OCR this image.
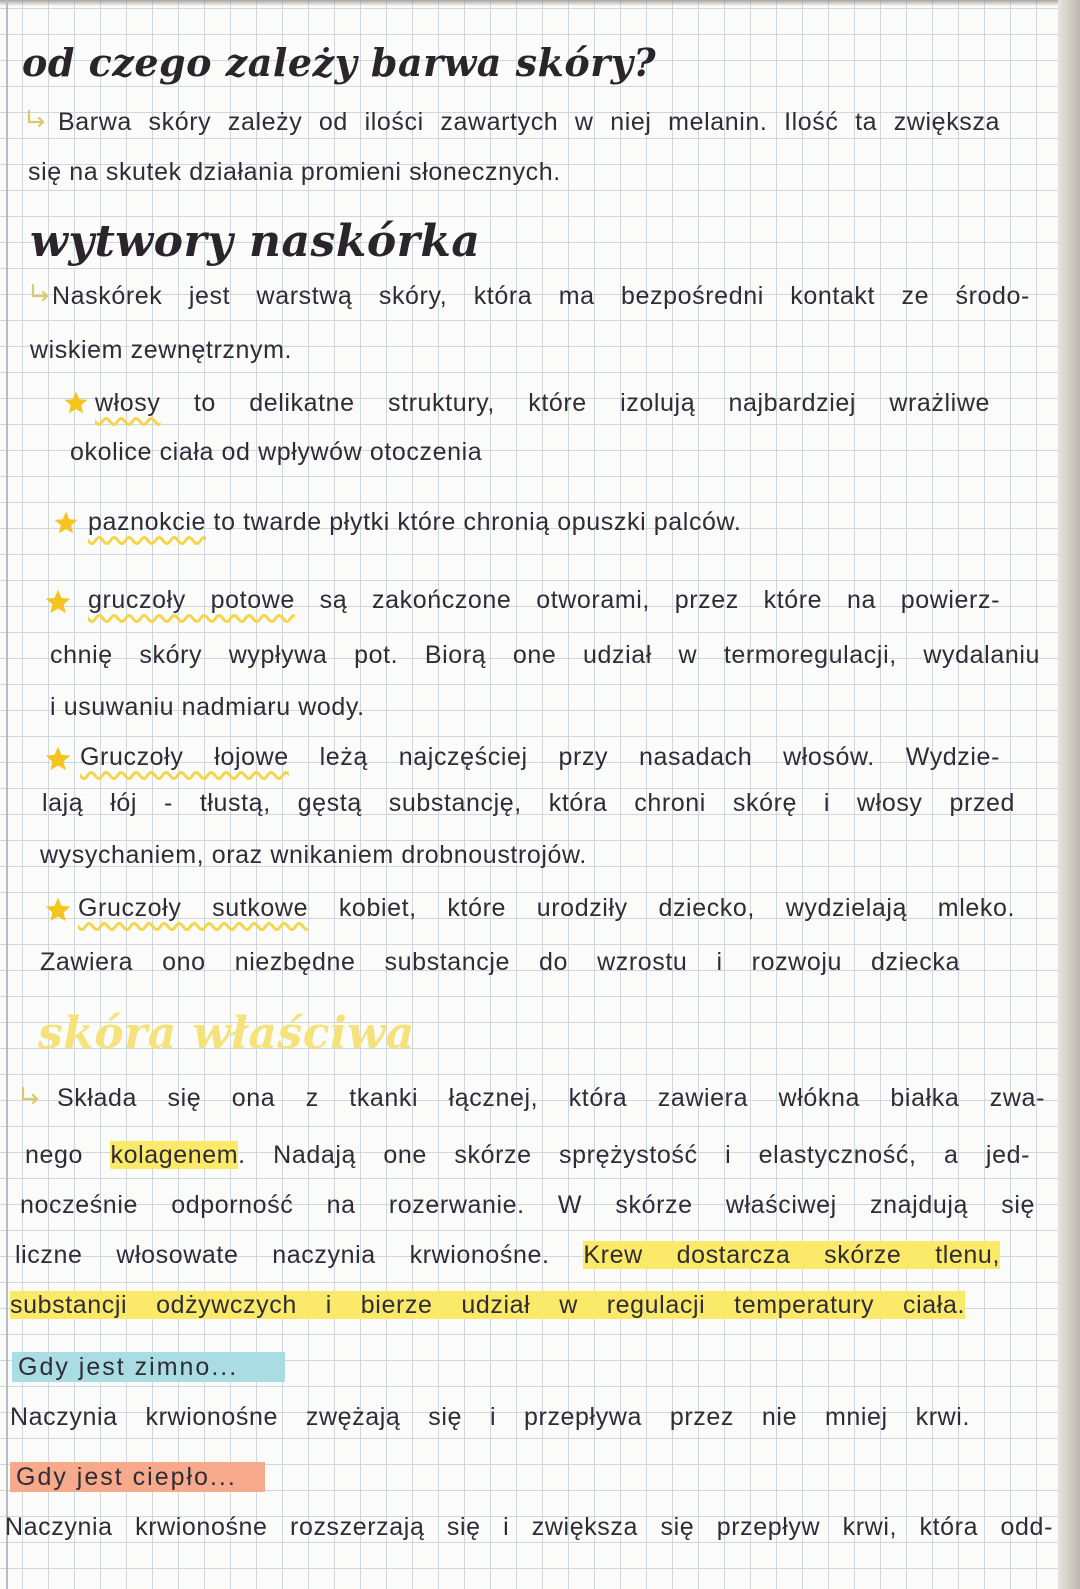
od czego zależy barwa skóry?
Barwa skóry zależy od ilości zawartych w niej melanin. Ilość ta zwiększa
się na skutek działania promieni słonecznych.
wytwory naskórka
Naskórek jest warstwą skóry, która ma bezpośredni kontakt ze środo-
wiskiem zewnętrznym.
włosy to delikatne struktury, które izolują najbardziej wrażliwe
okolice ciała od wpływów otoczenia
paznokcie to twarde płytki które chronią opuszki palców.
gruczoły potowe są zakończone otworami, przez które na powierz-
chnię skóry wypływa pot. Biorą one udział w termoregulacji, wydalaniu
i usuwaniu nadmiaru wody.
Gruczoły łojowe leżą najczęściej przy nasadach włosów. Wydzie-
lają łój - tłustą, gęstą substancję, która chroni skórę i włosy przed
wysychaniem, oraz wnikaniem drobnoustrojów.
Gruczoły sutkowe kobiet, które urodziły dziecko, wydzielają mleko.
Zawiera ono niezbędne substancje do wzrostu i rozwoju dziecka
skóra właściwa
Składa się ona z tkanki łącznej, która zawiera włókna białka zwa-
nego kolagenem. Nadają one skórze sprężystość i elastyczność, a jed-
nocześnie odporność na rozerwanie. W skórze właściwej znajdują się
liczne włosowate naczynia krwionośne. Krew dostarcza skórze tlenu,
substancji odżywczych i bierze udział w regulacji temperatury ciała.
Gdy jest zimno...
Naczynia krwionośne zwężają się i przepływa przez nie mniej krwi.
Gdy jest ciepło...
Naczynia krwionośne rozszerzają się i zwiększa się przepływ krwi, która odd-
